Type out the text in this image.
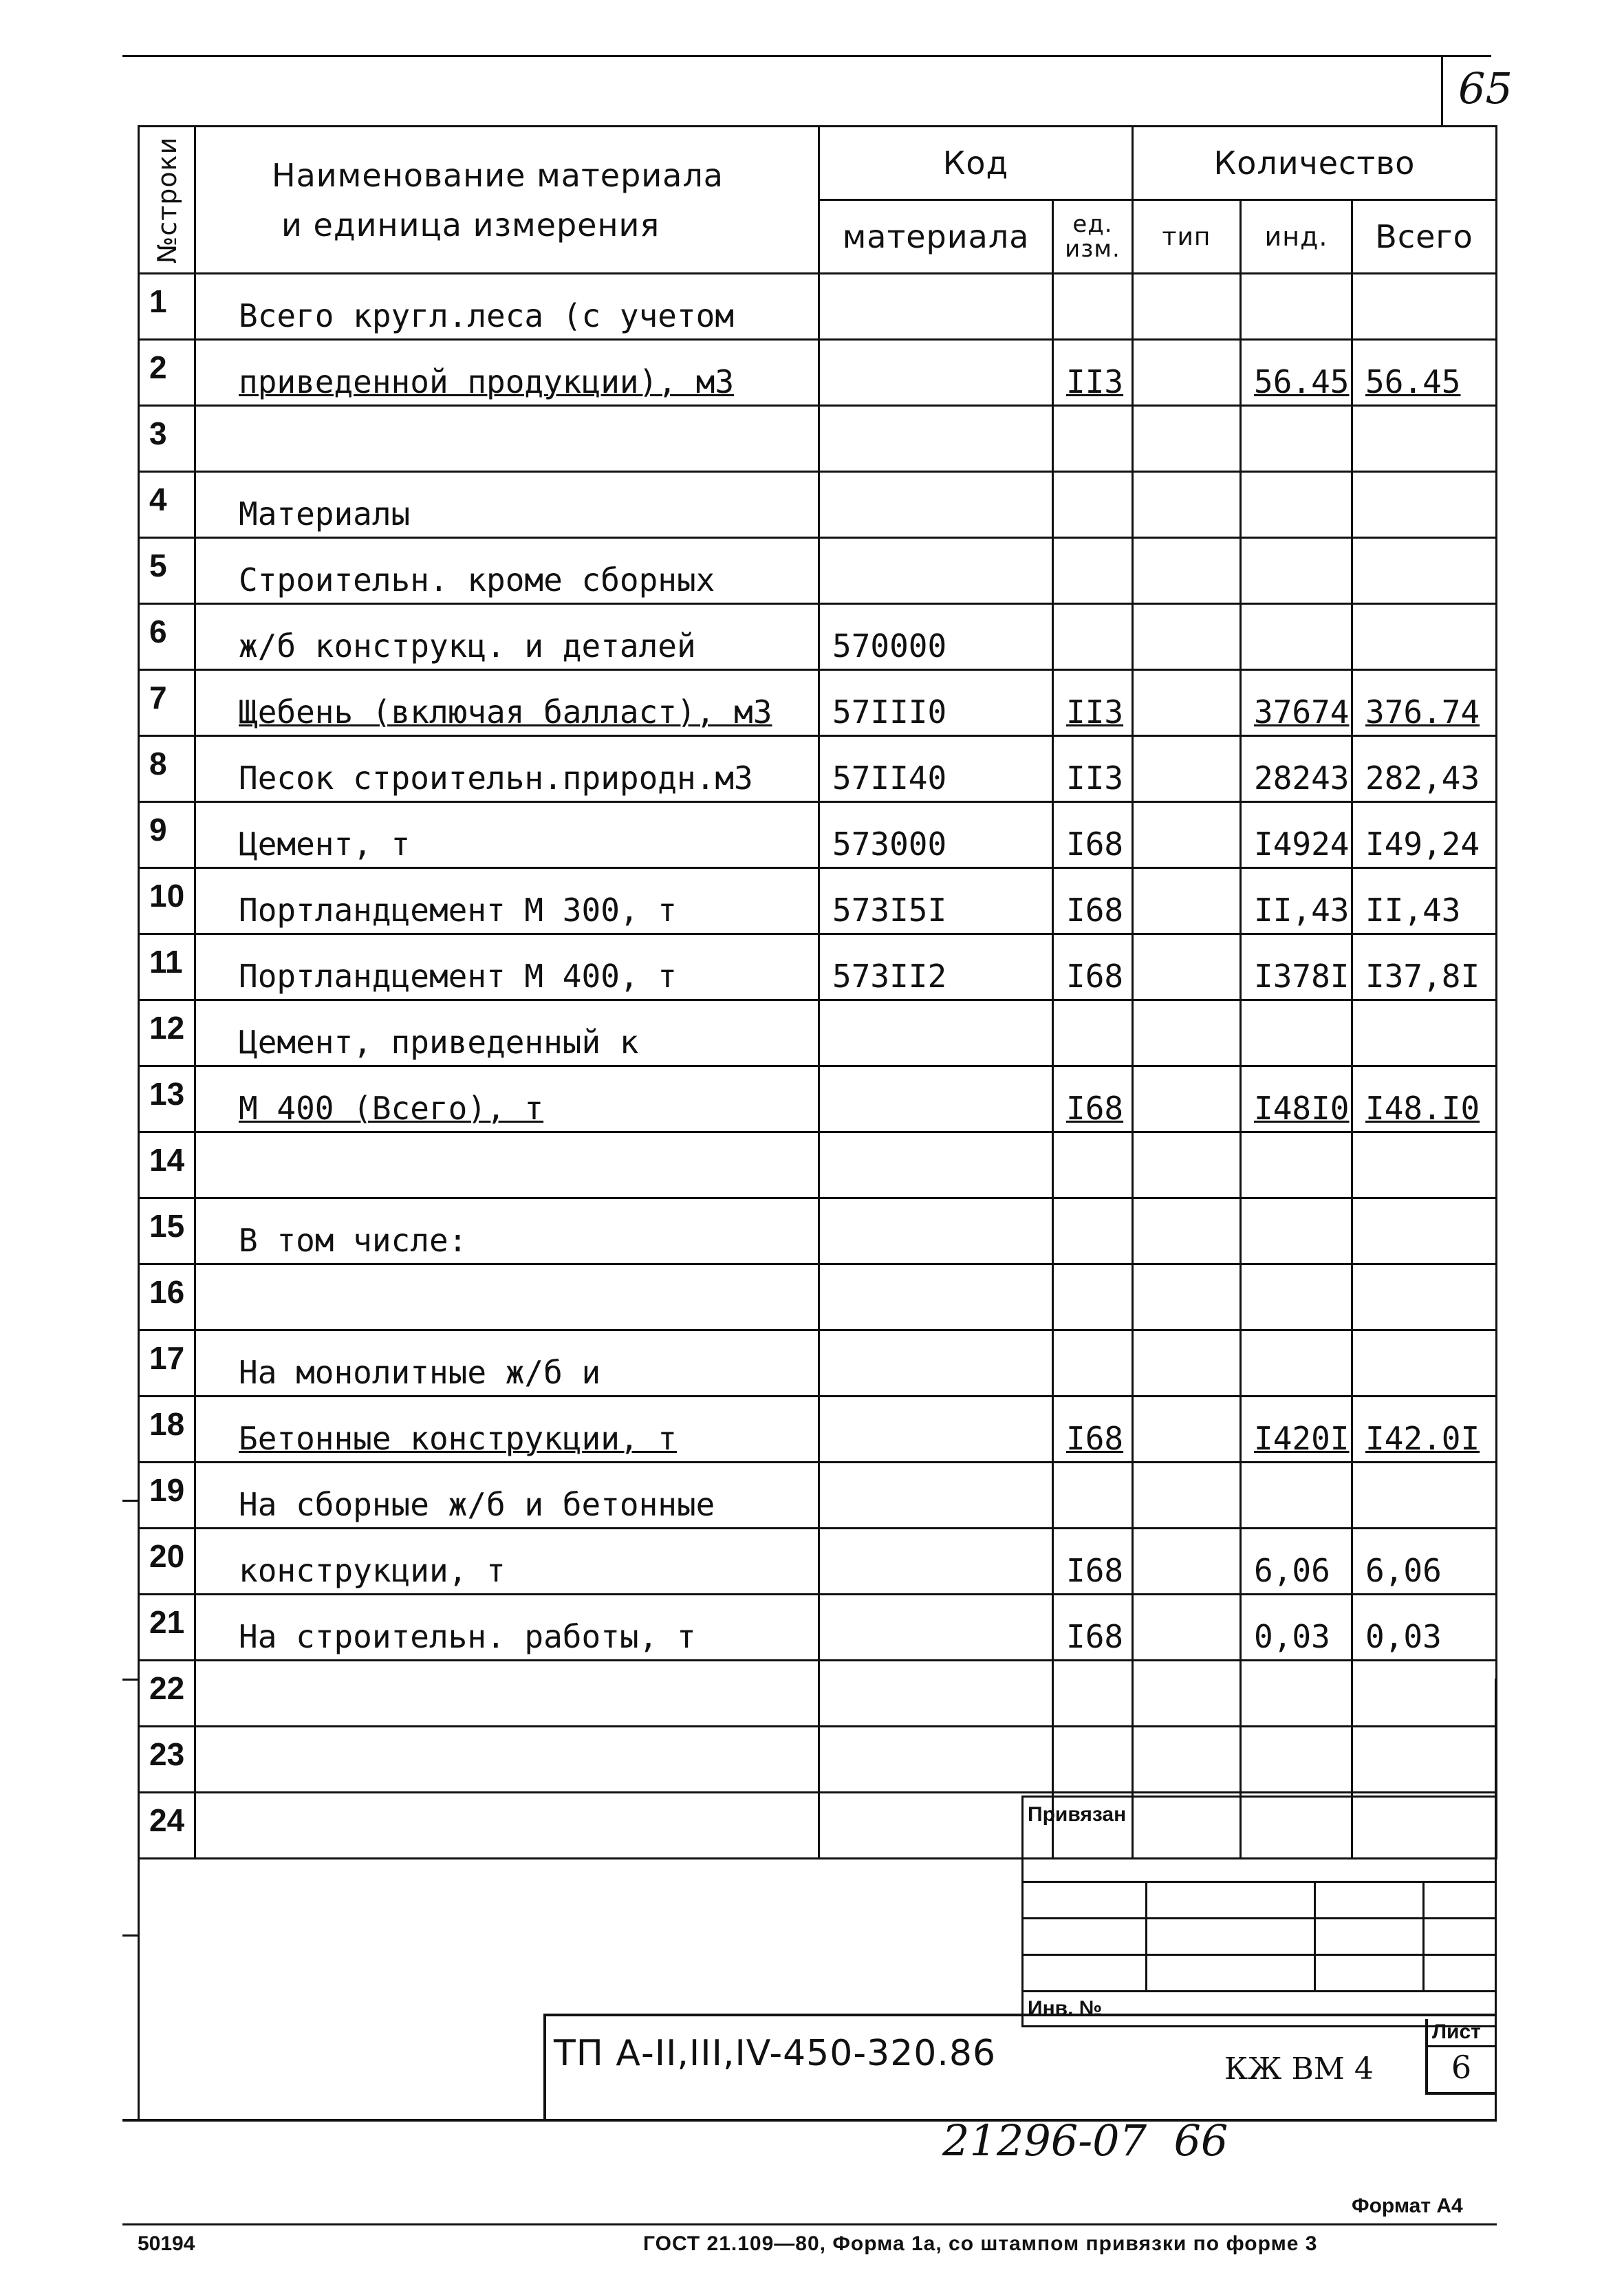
65
№строки	Наименование материала
и единица измерения	Код		Количество		
		материала	ед. изм.	тип	инд.	Всего
1	Всего кругл.леса (с учетом					
2	приведенной продукции), м3		II3		56.45	56.45
3						
4	Материалы					
5	Строительн. кроме сборных					
6	ж/б конструкц. и деталей	570000				
7	Щебень (включая балласт), м3	57III0	II3		37674	376.74
8	Песок строительн.природн.м3	57II40	II3		28243	282,43
9	Цемент, т	573000	I68		I4924	I49,24
10	Портландцемент М 300, т	573I5I	I68		II,43	II,43
11	Портландцемент М 400, т	573II2	I68		I378I	I37,8I
12	Цемент, приведенный к					
13	М 400 (Всего), т		I68		I48I0	I48.I0
14						
15	В том числе:					
16						
17	На монолитные ж/б и					
18	Бетонные конструкции, т		I68		I420I	I42.0I
19	На сборные ж/б и бетонные					
20	конструкции, т		I68		6,06	6,06
21	На строительн. работы, т		I68		0,03	0,03
22						
23						
24							Привязан			

Инв. №			
ТП А-II,III,IV-450-320.86	КЖ ВМ 4
Лист
6
21296-07  66
Формат А4
50194	ГОСТ 21.109—80, Форма 1а, со штампом привязки по форме 3
